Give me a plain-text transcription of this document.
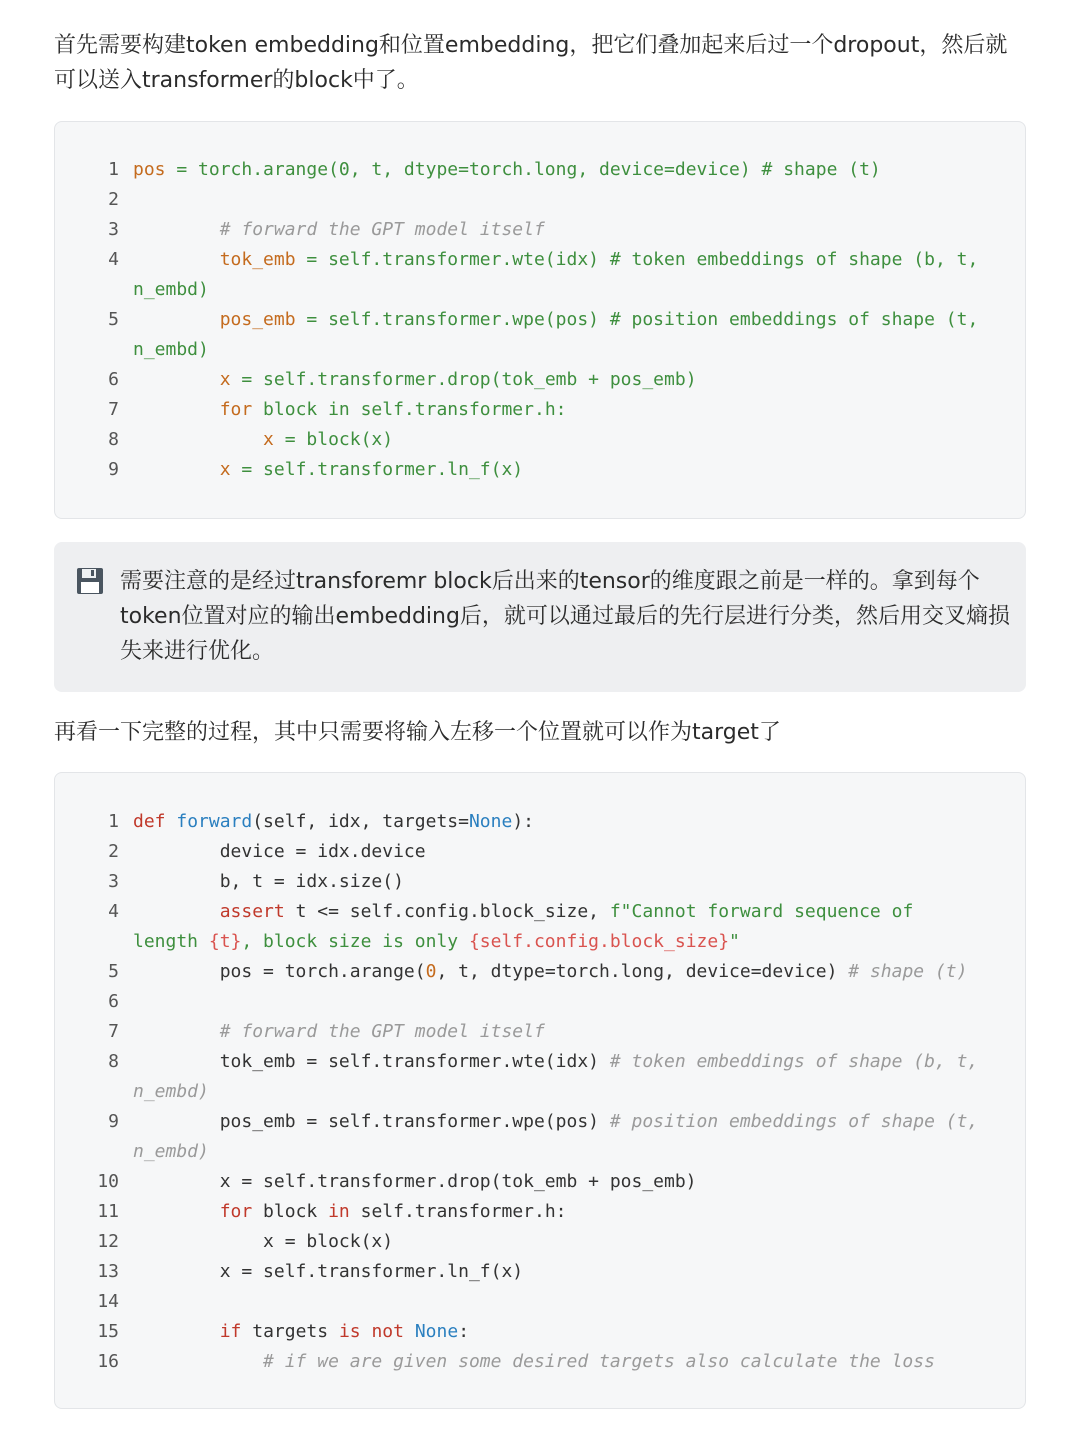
首先需要构建token embedding和位置embedding，把它们叠加起来后过一个dropout，然后就可以送入transformer的block中了。

1 pos = torch.arange(0, t, dtype=torch.long, device=device) # shape (t)
2
3 # forward the GPT model itself
4 tok_emb = self.transformer.wte(idx) # token embeddings of shape (b, t,
n_embd)
5 pos_emb = self.transformer.wpe(pos) # position embeddings of shape (t,
n_embd)
6 x = self.transformer.drop(tok_emb + pos_emb)
7 for block in self.transformer.h:
8 x = block(x)
9 x = self.transformer.ln_f(x)
需要注意的是经过transforemr block后出来的tensor的维度跟之前是一样的。拿到每个token位置对应的输出embedding后，就可以通过最后的先行层进行分类，然后用交叉熵损失来进行优化。

再看一下完整的过程，其中只需要将输入左移一个位置就可以作为target了

1 def forward(self, idx, targets=None):
2 device = idx.device
3 b, t = idx.size()
4	assert t <= self.config.block_size, f"Cannot forward sequence of
length {t}, block size is only {self.config.block_size}"
5 pos = torch.arange(0, t, dtype=torch.long, device=device) # shape (t)
6
7 # forward the GPT model itself
8 tok_emb = self.transformer.wte(idx) # token embeddings of shape (b, t,
n_embd)
9 pos_emb = self.transformer.wpe(pos) # position embeddings of shape (t,
n_embd)
10 x = self.transformer.drop(tok_emb + pos_emb)
11	for block in self.transformer.h:
12 x = block(x)
13 x = self.transformer.ln_f(x)
14
15	if targets is not None:
16 # if we are given some desired targets also calculate the loss
